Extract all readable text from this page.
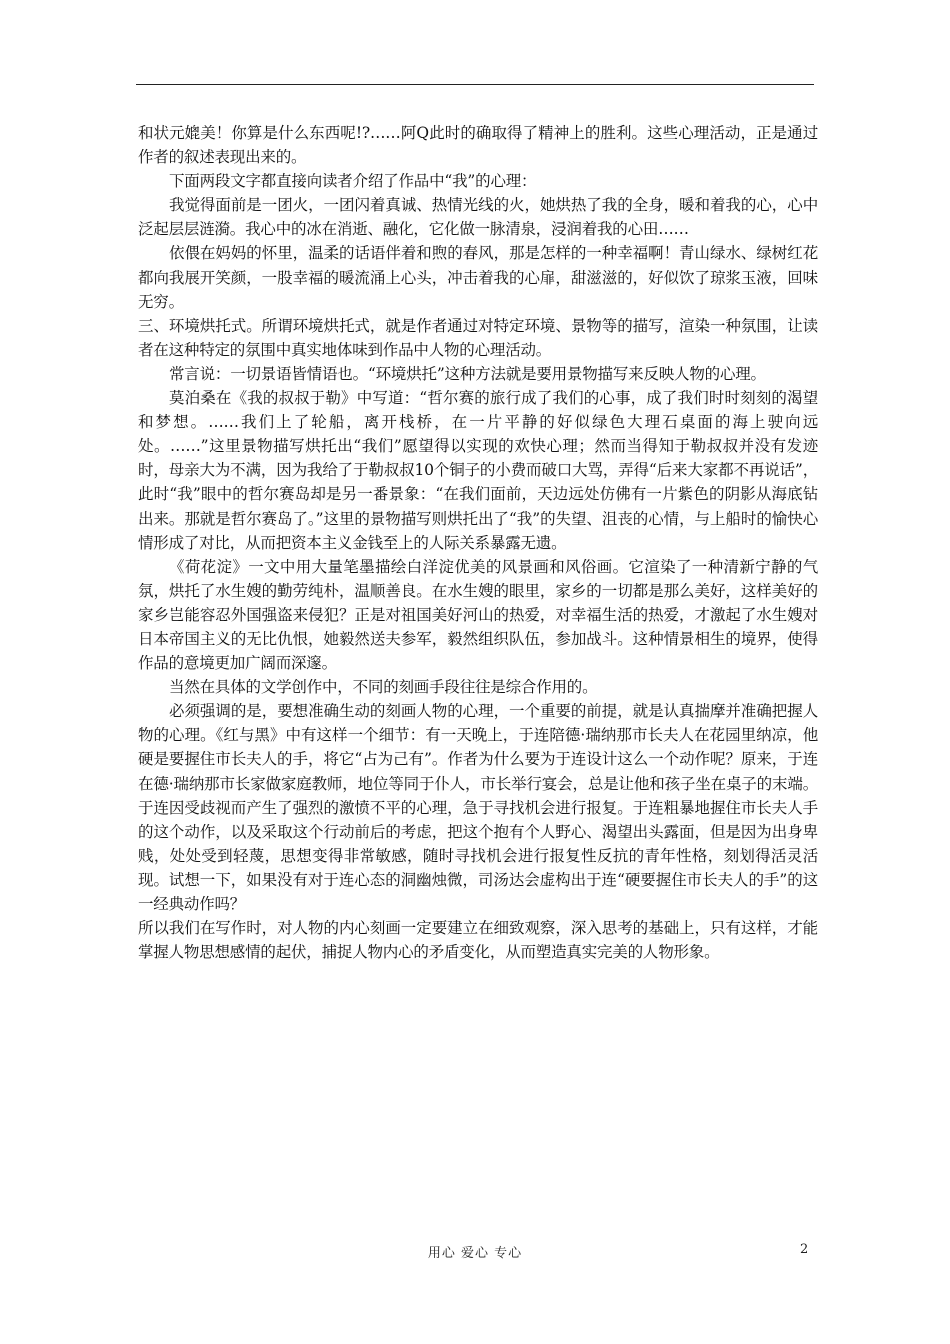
和状元媲美！你算是什么东西呢!?……阿Q此时的确取得了精神上的胜利。这些心理活动，正是通过作者的叙述表现出来的。

下面两段文字都直接向读者介绍了作品中“我”的心理：

我觉得面前是一团火，一团闪着真诚、热情光线的火，她烘热了我的全身，暖和着我的心，心中泛起层层涟漪。我心中的冰在消逝、融化，它化做一脉清泉，浸润着我的心田……

依偎在妈妈的怀里，温柔的话语伴着和煦的春风，那是怎样的一种幸福啊！青山绿水、绿树红花都向我展开笑颜，一股幸福的暖流涌上心头，冲击着我的心扉，甜滋滋的，好似饮了琼浆玉液，回味无穷。

三、环境烘托式。所谓环境烘托式，就是作者通过对特定环境、景物等的描写，渲染一种氛围，让读者在这种特定的氛围中真实地体味到作品中人物的心理活动。

常言说：一切景语皆情语也。“环境烘托”这种方法就是要用景物描写来反映人物的心理。

莫泊桑在《我的叔叔于勒》中写道：“哲尔赛的旅行成了我们的心事，成了我们时时刻刻的渴望和梦想。……我们上了轮船，离开栈桥，在一片平静的好似绿色大理石桌面的海上驶向远处。……”这里景物描写烘托出“我们”愿望得以实现的欢快心理；然而当得知于勒叔叔并没有发迹时，母亲大为不满，因为我给了于勒叔叔10个铜子的小费而破口大骂，弄得“后来大家都不再说话”，此时“我”眼中的哲尔赛岛却是另一番景象：“在我们面前，天边远处仿佛有一片紫色的阴影从海底钻出来。那就是哲尔赛岛了。”这里的景物描写则烘托出了“我”的失望、沮丧的心情，与上船时的愉快心情形成了对比，从而把资本主义金钱至上的人际关系暴露无遗。

《荷花淀》一文中用大量笔墨描绘白洋淀优美的风景画和风俗画。它渲染了一种清新宁静的气氛，烘托了水生嫂的勤劳纯朴，温顺善良。在水生嫂的眼里，家乡的一切都是那么美好，这样美好的家乡岂能容忍外国强盗来侵犯？正是对祖国美好河山的热爱，对幸福生活的热爱，才激起了水生嫂对日本帝国主义的无比仇恨，她毅然送夫参军，毅然组织队伍，参加战斗。这种情景相生的境界，使得作品的意境更加广阔而深邃。

当然在具体的文学创作中，不同的刻画手段往往是综合作用的。

必须强调的是，要想准确生动的刻画人物的心理，一个重要的前提，就是认真揣摩并准确把握人物的心理。《红与黑》中有这样一个细节：有一天晚上，于连陪德·瑞纳那市长夫人在花园里纳凉，他硬是要握住市长夫人的手，将它“占为己有”。作者为什么要为于连设计这么一个动作呢？原来，于连在德·瑞纳那市长家做家庭教师，地位等同于仆人，市长举行宴会，总是让他和孩子坐在桌子的末端。于连因受歧视而产生了强烈的激愤不平的心理，急于寻找机会进行报复。于连粗暴地握住市长夫人手的这个动作，以及采取这个行动前后的考虑，把这个抱有个人野心、渴望出头露面，但是因为出身卑贱，处处受到轻蔑，思想变得非常敏感，随时寻找机会进行报复性反抗的青年性格，刻划得活灵活现。试想一下，如果没有对于连心态的洞幽烛微，司汤达会虚构出于连“硬要握住市长夫人的手”的这一经典动作吗？

所以我们在写作时，对人物的内心刻画一定要建立在细致观察，深入思考的基础上，只有这样，才能掌握人物思想感情的起伏，捕捉人物内心的矛盾变化，从而塑造真实完美的人物形象。

用心 爱心 专心	2
